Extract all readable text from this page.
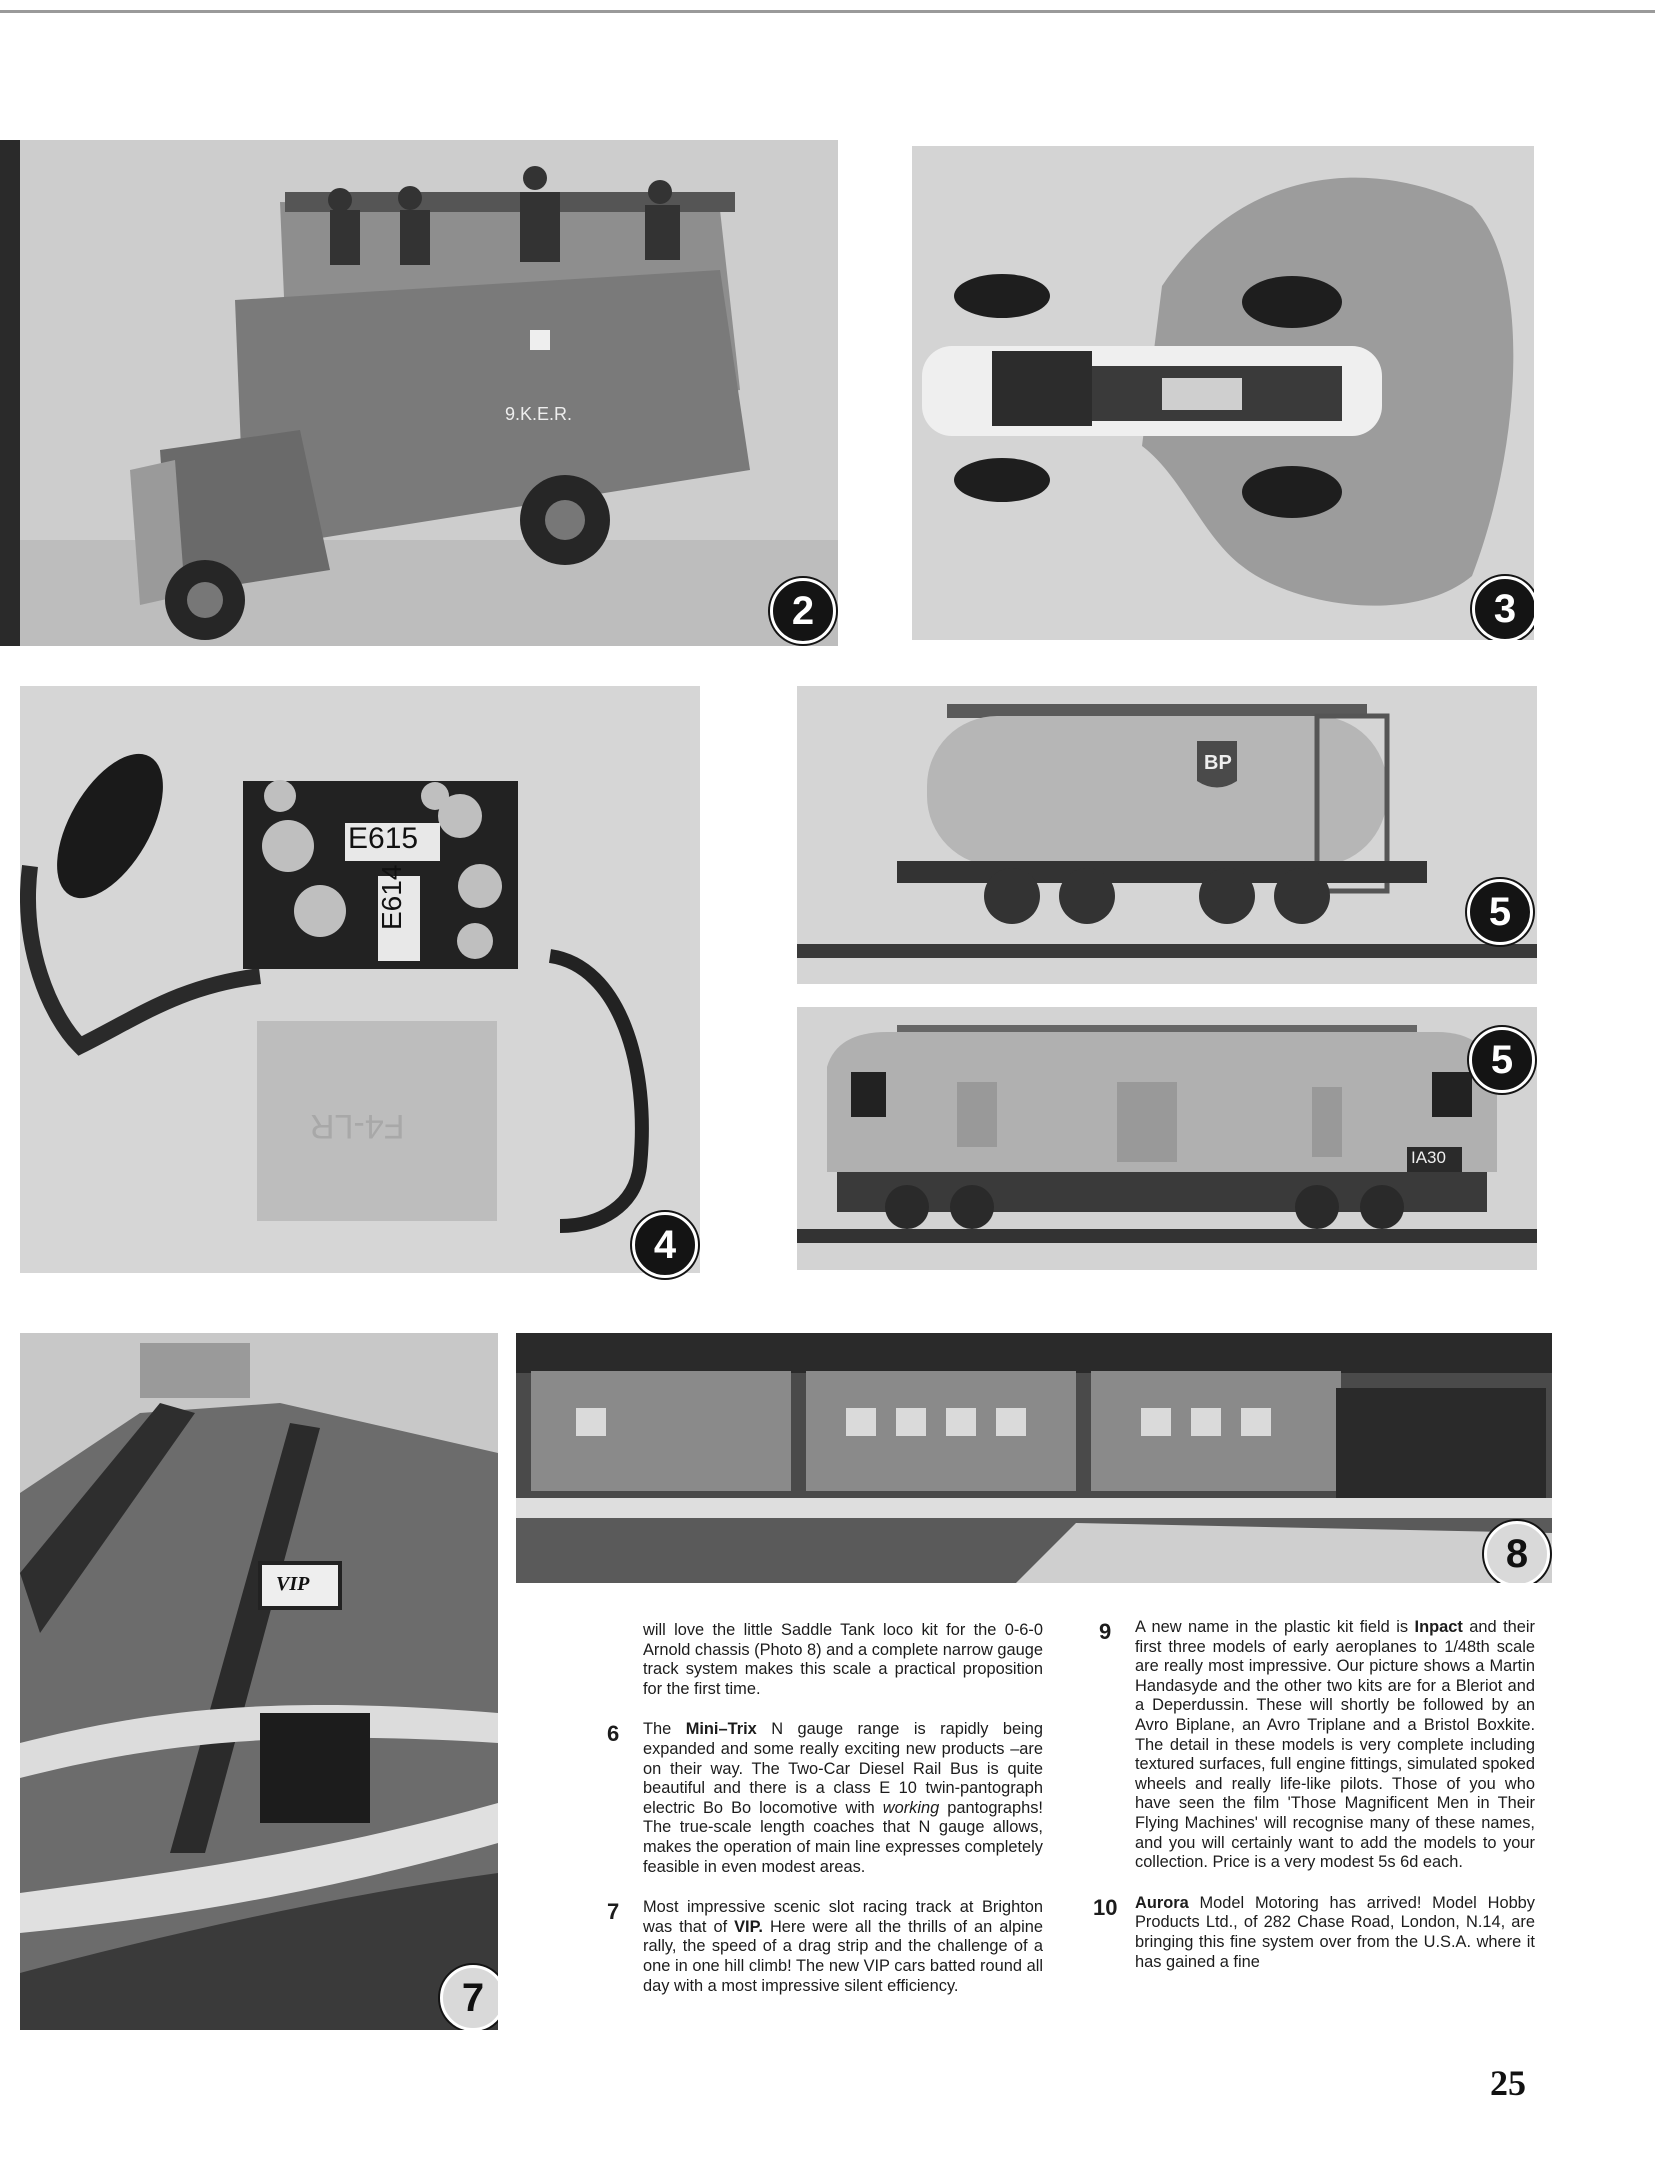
9.K.E.R.
2	3
E615
E614
F4-LR
4
BP
5
IA30
5
VIP
7
8

will love the little Saddle Tank loco kit for the 0-6-0 Arnold chassis (Photo 8) and a complete narrow gauge track system makes this scale a practical proposition for the first time.

6 The Mini–Trix N gauge range is rapidly being expanded and some really exciting new products –are on their way. The Two-Car Diesel Rail Bus is quite beautiful and there is a class E 10 twin-pantograph electric Bo Bo locomotive with working pantographs! The true-scale length coaches that N gauge allows, makes the operation of main line expresses completely feasible in even modest areas.

7 Most impressive scenic slot racing track at Brighton was that of VIP. Here were all the thrills of an alpine rally, the speed of a drag strip and the challenge of a one in one hill climb! The new VIP cars batted round all day with a most impressive silent efficiency.

9 A new name in the plastic kit field is Inpact and their first three models of early aeroplanes to 1/48th scale are really most impressive. Our picture shows a Martin Handasyde and the other two kits are for a Bleriot and a Deperdussin. These will shortly be followed by an Avro Biplane, an Avro Triplane and a Bristol Boxkite. The detail in these models is very complete including textured surfaces, full engine fittings, simulated spoked wheels and really life-like pilots. Those of you who have seen the film 'Those Magnificent Men in Their Flying Machines' will recognise many of these names, and you will certainly want to add the models to your collection. Price is a very modest 5s 6d each.

10 Aurora Model Motoring has arrived! Model Hobby Products Ltd., of 282 Chase Road, London, N.14, are bringing this fine system over from the U.S.A. where it has gained a fine

25
